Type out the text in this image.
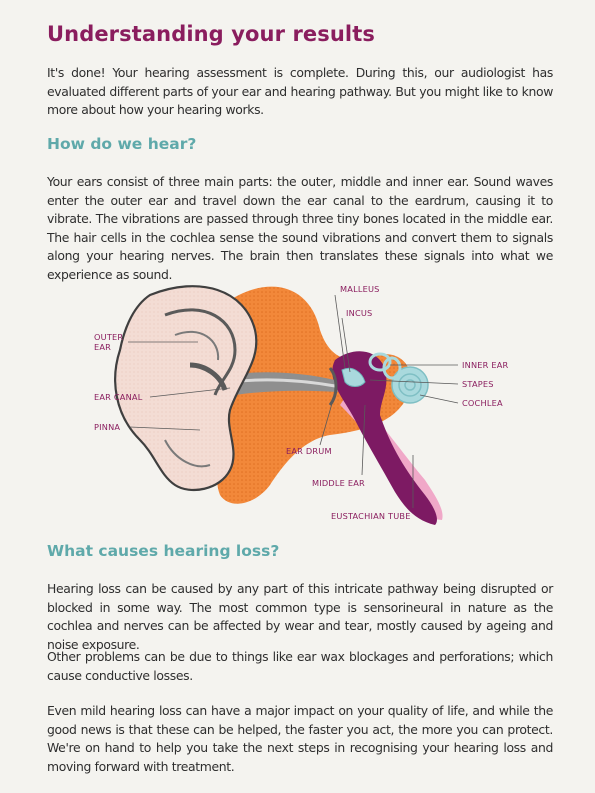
Understanding your results

It's done! Your hearing assessment is complete. During this, our audiologist has evaluated different parts of your ear and hearing pathway. But you might like to know more about how your hearing works.

How do we hear?

Your ears consist of three main parts: the outer, middle and inner ear. Sound waves enter the outer ear and travel down the ear canal to the eardrum, causing it to vibrate. The vibrations are passed through three tiny bones located in the middle ear. The hair cells in the cochlea sense the sound vibrations and convert them to signals along your hearing nerves. The brain then translates these signals into what we experience as sound.

OUTER
EAR
EAR CANAL
PINNA
MALLEUS
INCUS
INNER EAR
STAPES
COCHLEA
EAR DRUM
MIDDLE EAR
EUSTACHIAN TUBE
What causes hearing loss?

Hearing loss can be caused by any part of this intricate pathway being disrupted or blocked in some way. The most common type is sensorineural in nature as the cochlea and nerves can be affected by wear and tear, mostly caused by ageing and noise exposure.

Other problems can be due to things like ear wax blockages and perforations; which cause conductive losses.

Even mild hearing loss can have a major impact on your quality of life, and while the good news is that these can be helped, the faster you act, the more you can protect. We're on hand to help you take the next steps in recognising your hearing loss and moving forward with treatment.
